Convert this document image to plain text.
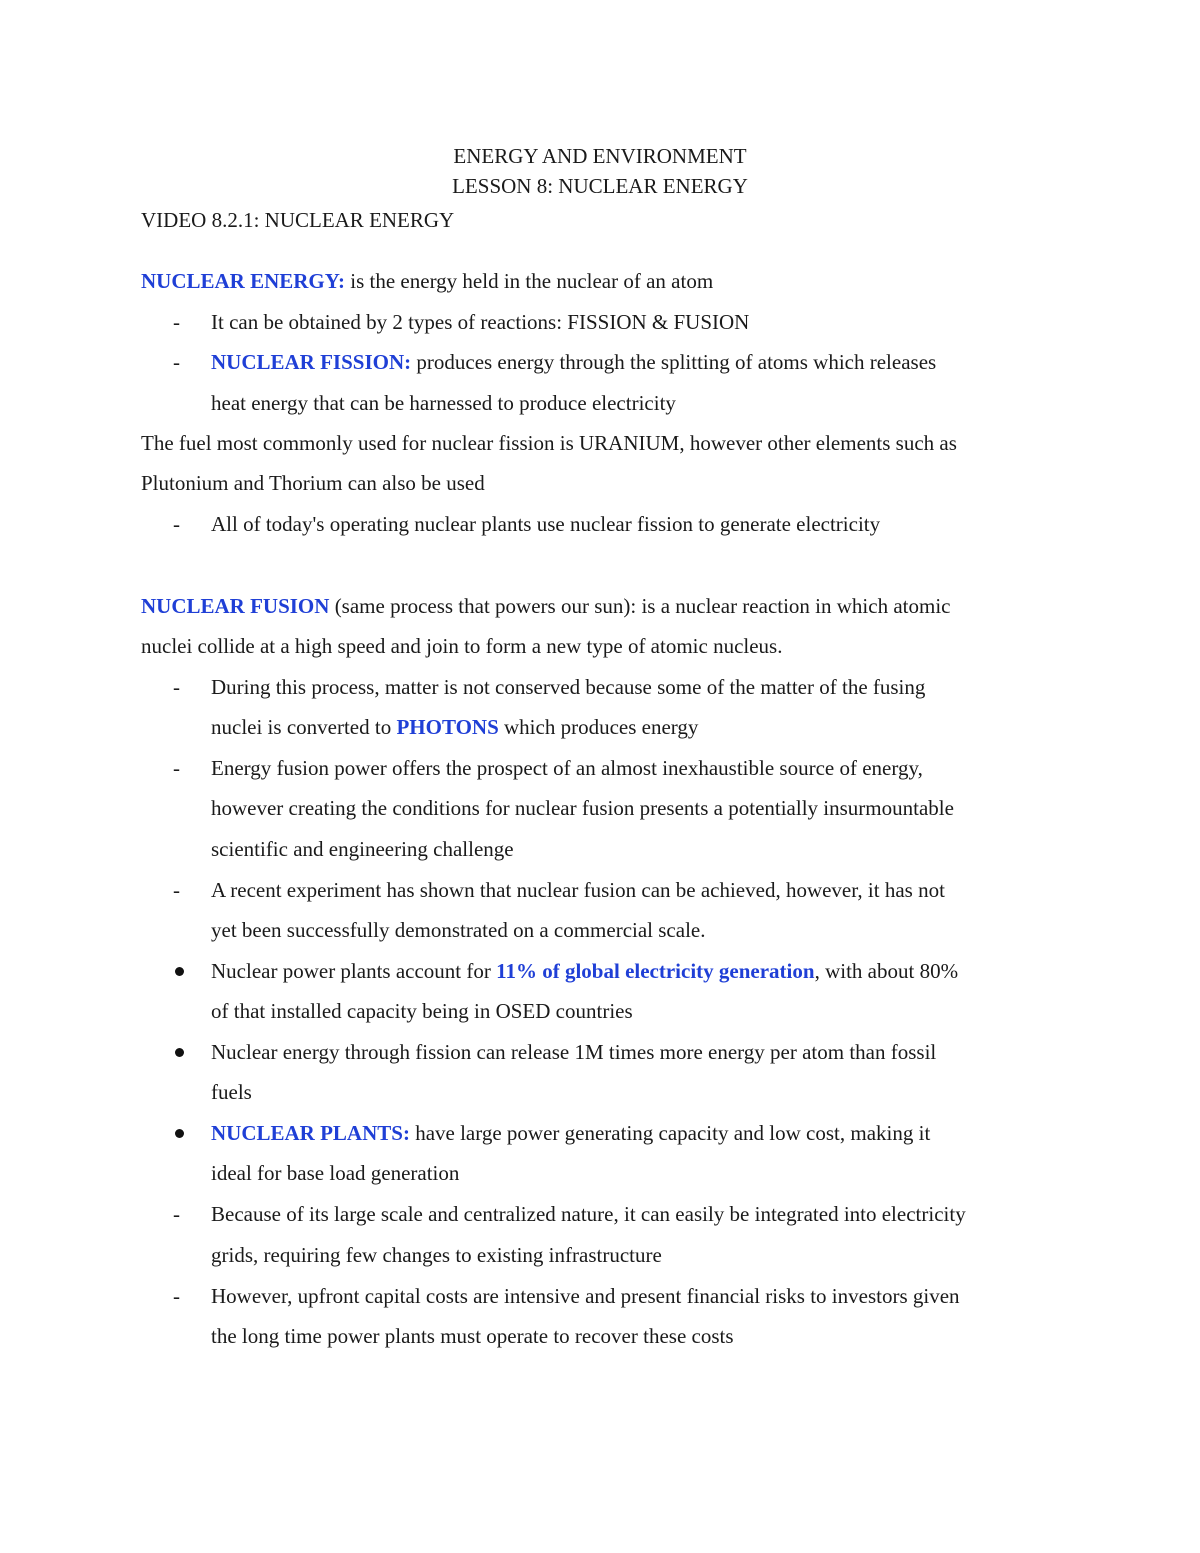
ENERGY AND ENVIRONMENT
LESSON 8: NUCLEAR ENERGY
VIDEO 8.2.1: NUCLEAR ENERGY
NUCLEAR ENERGY: is the energy held in the nuclear of an atom
- It can be obtained by 2 types of reactions: FISSION & FUSION
- NUCLEAR FISSION: produces energy through the splitting of atoms which releases
heat energy that can be harnessed to produce electricity
The fuel most commonly used for nuclear fission is URANIUM, however other elements such as
Plutonium and Thorium can also be used
- All of today's operating nuclear plants use nuclear fission to generate electricity
NUCLEAR FUSION (same process that powers our sun): is a nuclear reaction in which atomic
nuclei collide at a high speed and join to form a new type of atomic nucleus.
- During this process, matter is not conserved because some of the matter of the fusing
nuclei is converted to PHOTONS which produces energy
- Energy fusion power offers the prospect of an almost inexhaustible source of energy,
however creating the conditions for nuclear fusion presents a potentially insurmountable
scientific and engineering challenge
- A recent experiment has shown that nuclear fusion can be achieved, however, it has not
yet been successfully demonstrated on a commercial scale.
Nuclear power plants account for 11% of global electricity generation, with about 80%
of that installed capacity being in OSED countries
Nuclear energy through fission can release 1M times more energy per atom than fossil
fuels
NUCLEAR PLANTS: have large power generating capacity and low cost, making it
ideal for base load generation
- Because of its large scale and centralized nature, it can easily be integrated into electricity
grids, requiring few changes to existing infrastructure
- However, upfront capital costs are intensive and present financial risks to investors given
the long time power plants must operate to recover these costs
